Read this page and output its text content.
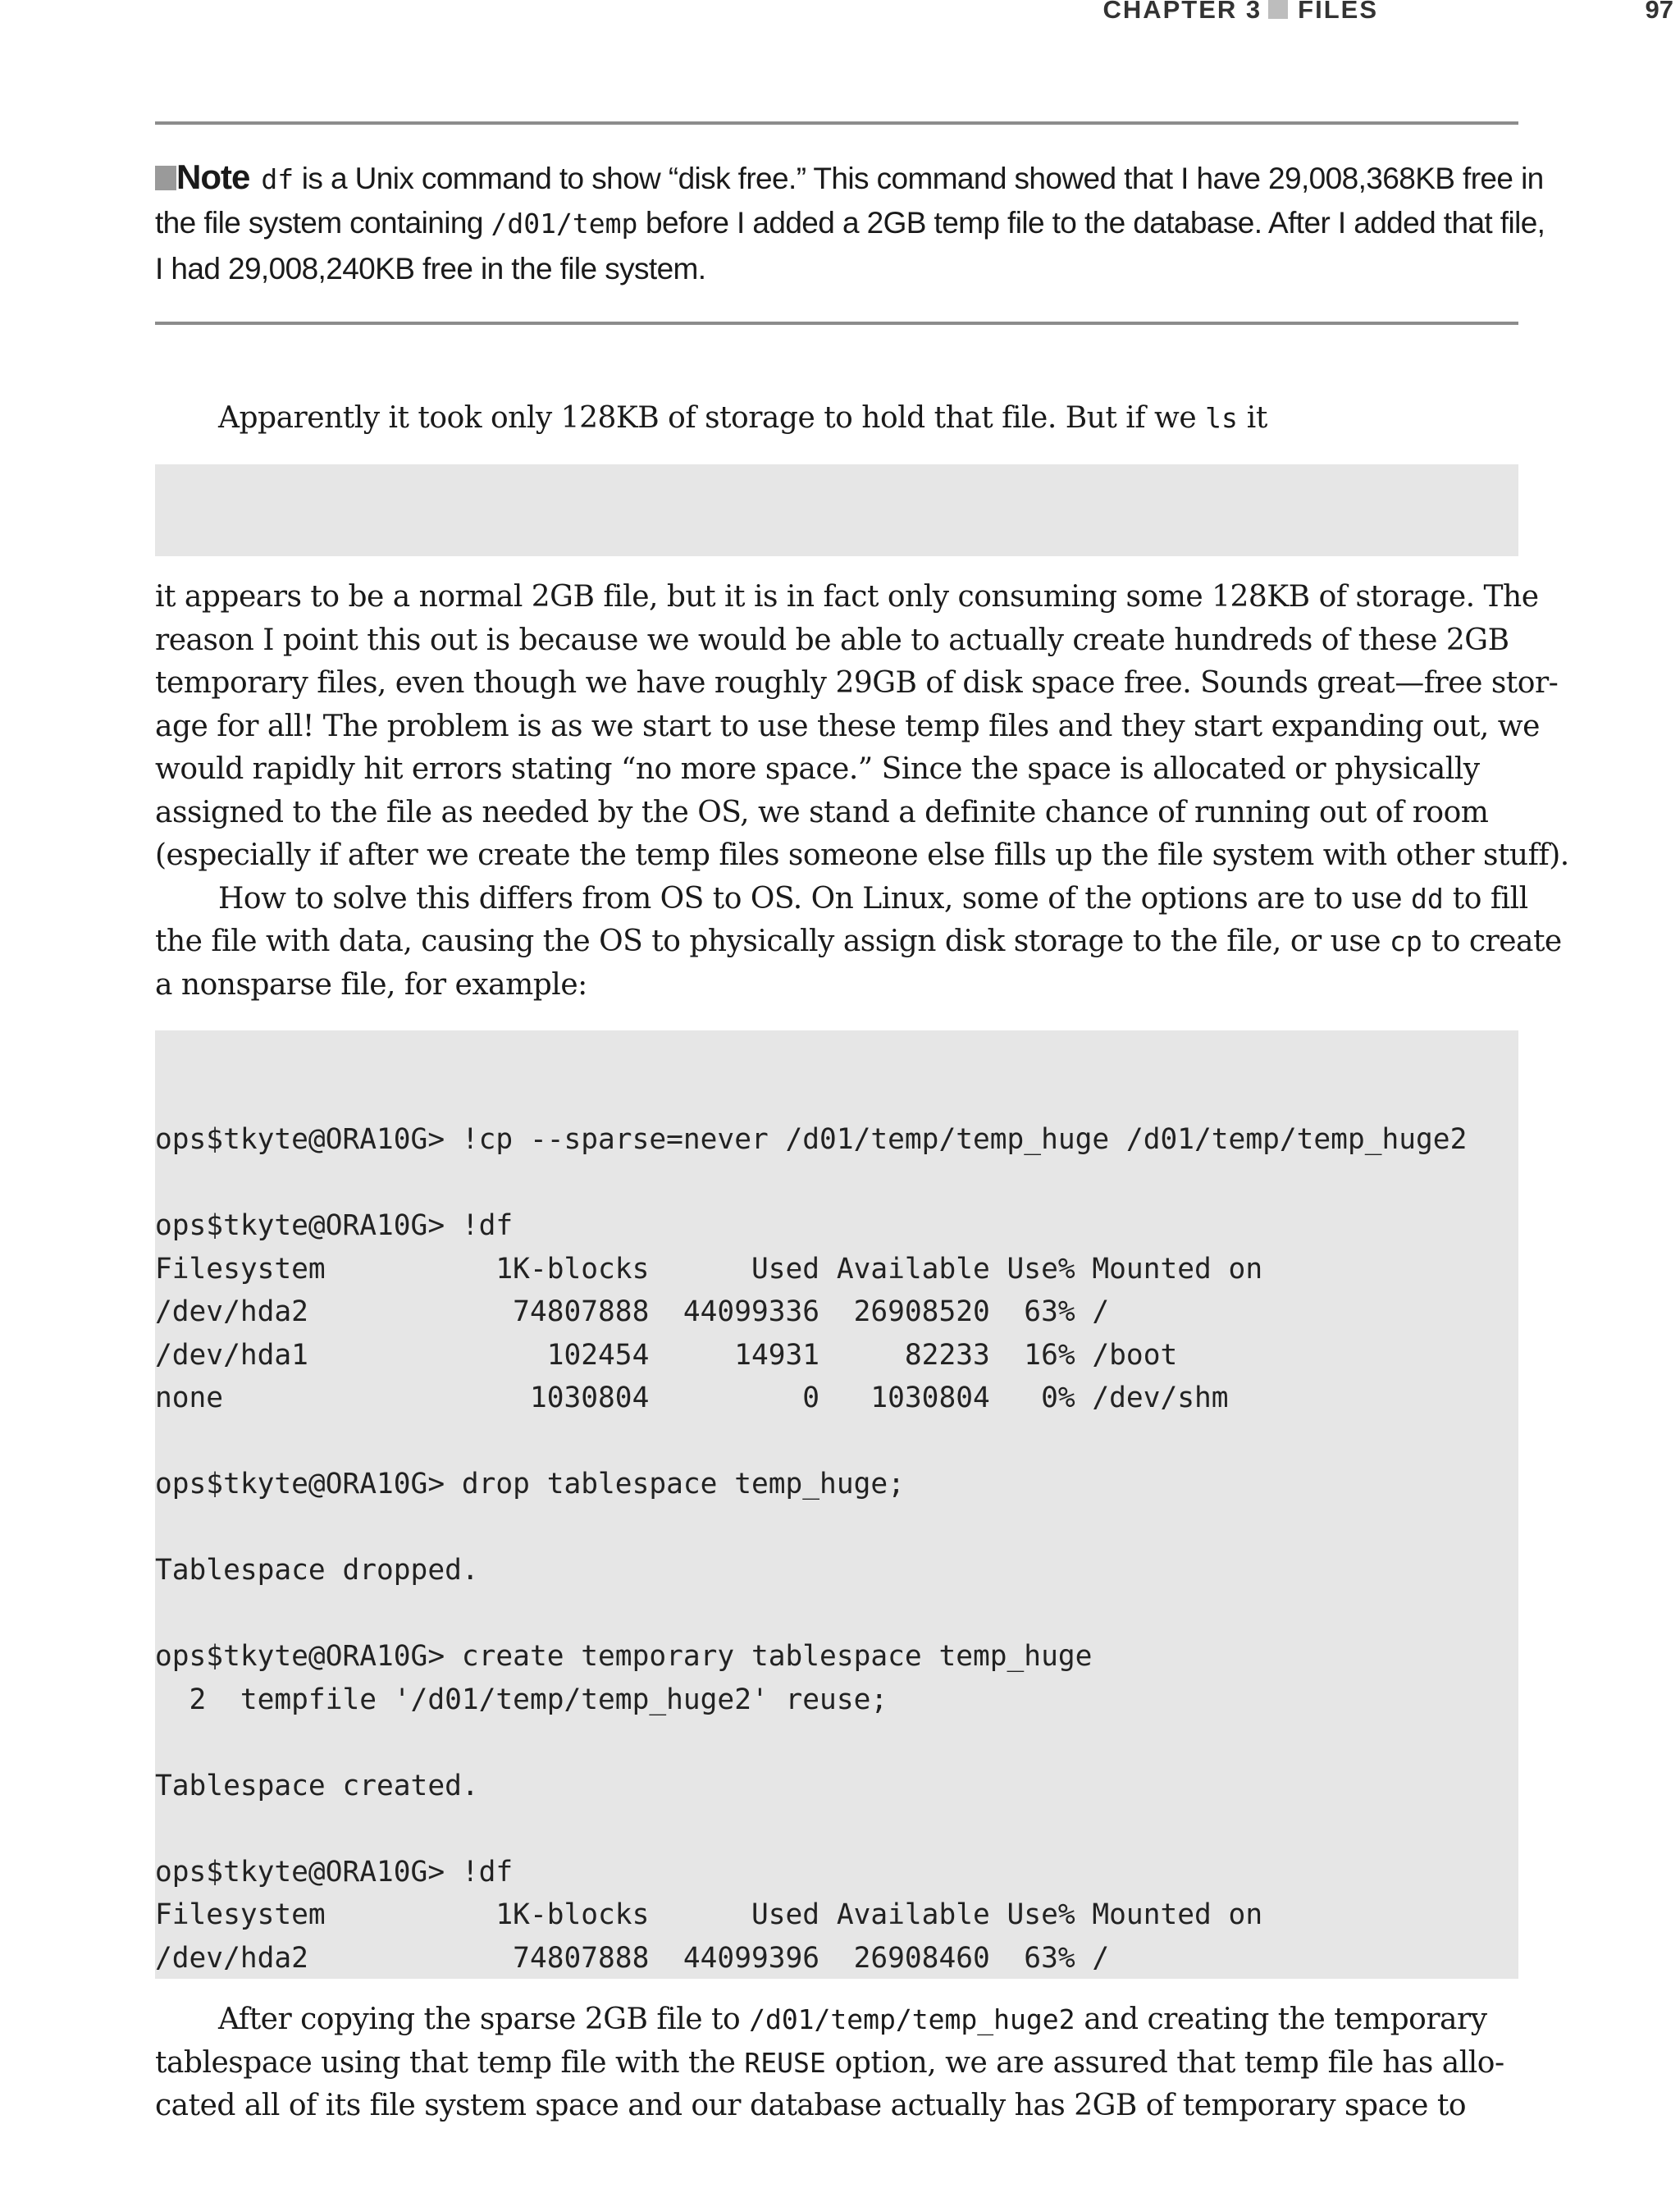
CHAPTER 3 FILES	97
Note df is a Unix command to show “disk free.” This command showed that I have 29,008,368KB free in
the file system containing /d01/temp before I added a 2GB temp file to the database. After I added that file,
I had 29,008,240KB free in the file system.
Apparently it took only 128KB of storage to hold that file. But if we ls it

it appears to be a normal 2GB file, but it is in fact only consuming some 128KB of storage. The
reason I point this out is because we would be able to actually create hundreds of these 2GB
temporary files, even though we have roughly 29GB of disk space free. Sounds great—free stor-
age for all! The problem is as we start to use these temp files and they start expanding out, we
would rapidly hit errors stating “no more space.” Since the space is allocated or physically
assigned to the file as needed by the OS, we stand a definite chance of running out of room
(especially if after we create the temp files someone else fills up the file system with other stuff).
How to solve this differs from OS to OS. On Linux, some of the options are to use dd to fill
the file with data, causing the OS to physically assign disk storage to the file, or use cp to create
a nonsparse file, for example:

ops$tkyte@ORA10G> !cp --sparse=never /d01/temp/temp_huge /d01/temp/temp_huge2
ops$tkyte@ORA10G> !df
Filesystem          1K-blocks      Used Available Use% Mounted on
/dev/hda2            74807888  44099336  26908520  63% /
/dev/hda1              102454     14931     82233  16% /boot
none                  1030804         0   1030804   0% /dev/shm
ops$tkyte@ORA10G> drop tablespace temp_huge;
Tablespace dropped.
ops$tkyte@ORA10G> create temporary tablespace temp_huge
2  tempfile '/d01/temp/temp_huge2' reuse;
Tablespace created.
ops$tkyte@ORA10G> !df
Filesystem          1K-blocks      Used Available Use% Mounted on
/dev/hda2            74807888  44099396  26908460  63% /

After copying the sparse 2GB file to /d01/temp/temp_huge2 and creating the temporary
tablespace using that temp file with the REUSE option, we are assured that temp file has allo-
cated all of its file system space and our database actually has 2GB of temporary space to
